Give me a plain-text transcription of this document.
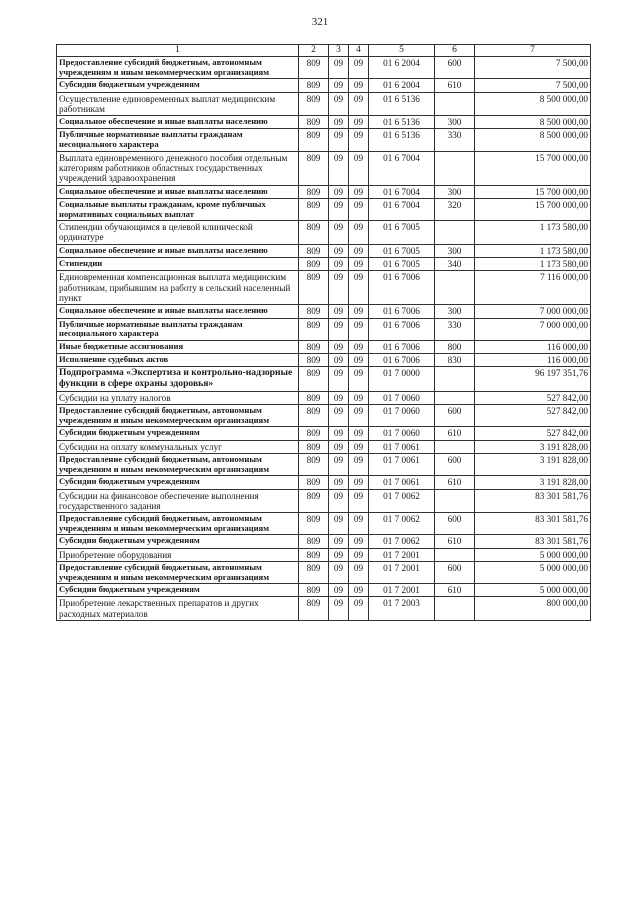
321
1	2	3	4	5	6	7
Предоставление субсидий бюджетным, автономным учреждениям и иным некоммерческим организациям	809	09	09	01 6 2004	600	7 500,00
Субсидии бюджетным учреждениям	809	09	09	01 6 2004	610	7 500,00
Осуществление единовременных выплат медицинским работникам	809	09	09	01 6 5136		8 500 000,00
Социальное обеспечение и иные выплаты населению	809	09	09	01 6 5136	300	8 500 000,00
Публичные нормативные выплаты гражданам несоциального характера	809	09	09	01 6 5136	330	8 500 000,00
Выплата единовременного денежного пособия отдельным категориям работников областных государственных учреждений здравоохранения	809	09	09	01 6 7004		15 700 000,00
Социальное обеспечение и иные выплаты населению	809	09	09	01 6 7004	300	15 700 000,00
Социальные выплаты гражданам, кроме публичных нормативных социальных выплат	809	09	09	01 6 7004	320	15 700 000,00
Стипендии обучающимся в целевой клинической ординатуре	809	09	09	01 6 7005		1 173 580,00
Социальное обеспечение и иные выплаты населению	809	09	09	01 6 7005	300	1 173 580,00
Стипендии	809	09	09	01 6 7005	340	1 173 580,00
Единовременная компенсационная выплата медицинским работникам, прибывшим на работу в сельский населенный пункт	809	09	09	01 6 7006		7 116 000,00
Социальное обеспечение и иные выплаты населению	809	09	09	01 6 7006	300	7 000 000,00
Публичные нормативные выплаты гражданам несоциального характера	809	09	09	01 6 7006	330	7 000 000,00
Иные бюджетные ассигнования	809	09	09	01 6 7006	800	116 000,00
Исполнение судебных актов	809	09	09	01 6 7006	830	116 000,00
Подпрограмма «Экспертиза и контрольно-надзорные функции в сфере охраны здоровья»	809	09	09	01 7 0000		96 197 351,76
Субсидии на уплату налогов	809	09	09	01 7 0060		527 842,00
Предоставление субсидий бюджетным, автономным учреждениям и иным некоммерческим организациям	809	09	09	01 7 0060	600	527 842,00
Субсидии бюджетным учреждениям	809	09	09	01 7 0060	610	527 842,00
Субсидии на оплату коммунальных услуг	809	09	09	01 7 0061		3 191 828,00
Предоставление субсидий бюджетным, автономным учреждениям и иным некоммерческим организациям	809	09	09	01 7 0061	600	3 191 828,00
Субсидии бюджетным учреждениям	809	09	09	01 7 0061	610	3 191 828,00
Субсидии на финансовое обеспечение выполнения государственного задания	809	09	09	01 7 0062		83 301 581,76
Предоставление субсидий бюджетным, автономным учреждениям и иным некоммерческим организациям	809	09	09	01 7 0062	600	83 301 581,76
Субсидии бюджетным учреждениям	809	09	09	01 7 0062	610	83 301 581,76
Приобретение оборудования	809	09	09	01 7 2001		5 000 000,00
Предоставление субсидий бюджетным, автономным учреждениям и иным некоммерческим организациям	809	09	09	01 7 2001	600	5 000 000,00
Субсидии бюджетным учреждениям	809	09	09	01 7 2001	610	5 000 000,00
Приобретение лекарственных препаратов и других расходных материалов	809	09	09	01 7 2003		800 000,00
